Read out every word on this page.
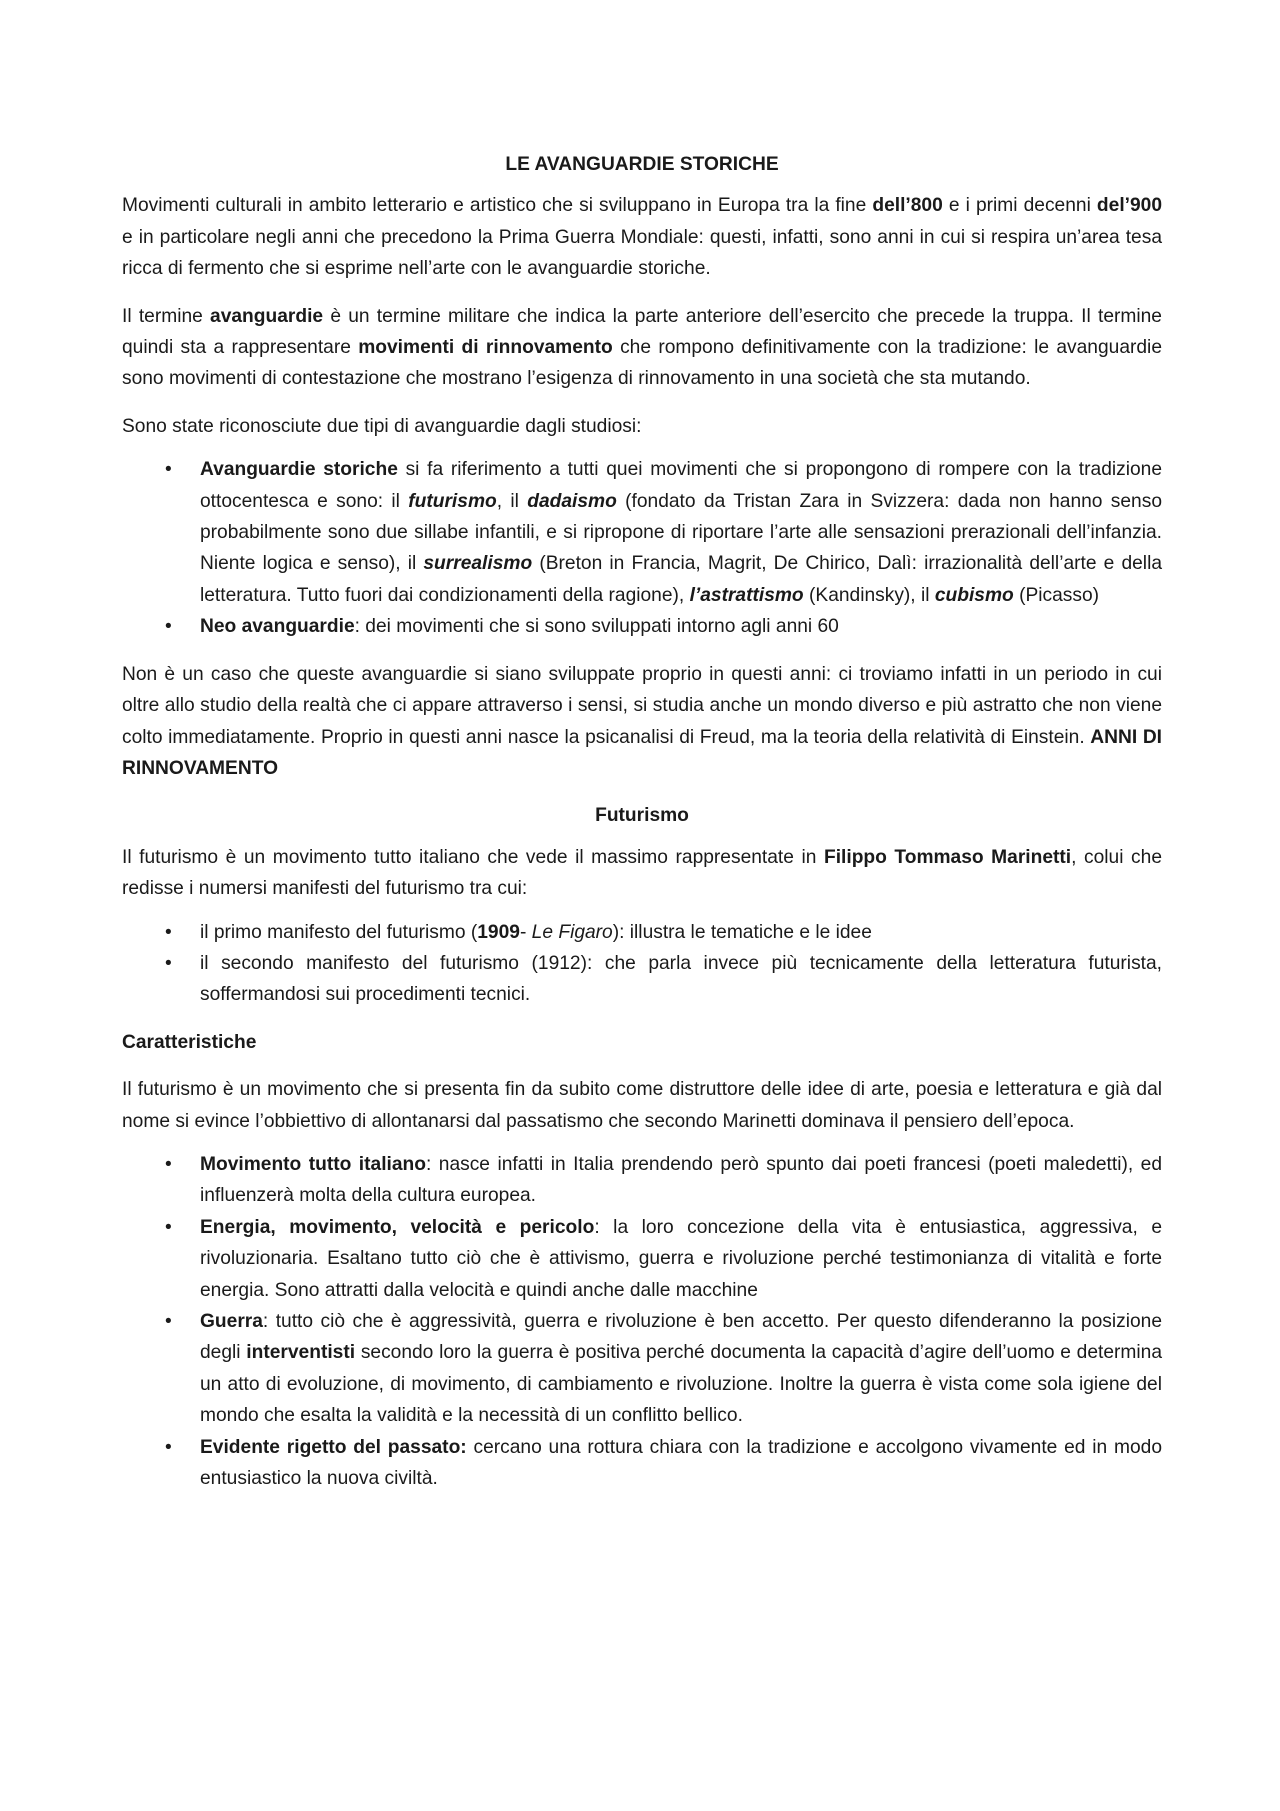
LE AVANGUARDIE STORICHE

Movimenti culturali in ambito letterario e artistico che si sviluppano in Europa tra la fine dell’800 e i primi decenni del’900 e in particolare negli anni che precedono la Prima Guerra Mondiale: questi, infatti, sono anni in cui si respira un’area tesa ricca di fermento che si esprime nell’arte con le avanguardie storiche.

Il termine avanguardie è un termine militare che indica la parte anteriore dell’esercito che precede la truppa. Il termine quindi sta a rappresentare movimenti di rinnovamento che rompono definitivamente con la tradizione: le avanguardie sono movimenti di contestazione che mostrano l’esigenza di rinnovamento in una società che sta mutando.

Sono state riconosciute due tipi di avanguardie dagli studiosi:

• Avanguardie storiche si fa riferimento a tutti quei movimenti che si propongono di rompere con la tradizione ottocentesca e sono: il futurismo, il dadaismo (fondato da Tristan Zara in Svizzera: dada non hanno senso probabilmente sono due sillabe infantili, e si ripropone di riportare l’arte alle sensazioni prerazionali dell’infanzia. Niente logica e senso), il surrealismo (Breton in Francia, Magrit, De Chirico, Dalì: irrazionalità dell’arte e della letteratura. Tutto fuori dai condizionamenti della ragione), l’astrattismo (Kandinsky), il cubismo (Picasso)
• Neo avanguardie: dei movimenti che si sono sviluppati intorno agli anni 60

Non è un caso che queste avanguardie si siano sviluppate proprio in questi anni: ci troviamo infatti in un periodo in cui oltre allo studio della realtà che ci appare attraverso i sensi, si studia anche un mondo diverso e più astratto che non viene colto immediatamente. Proprio in questi anni nasce la psicanalisi di Freud, ma la teoria della relatività di Einstein. ANNI DI RINNOVAMENTO

Futurismo

Il futurismo è un movimento tutto italiano che vede il massimo rappresentate in Filippo Tommaso Marinetti, colui che redisse i numersi manifesti del futurismo tra cui:

• il primo manifesto del futurismo (1909- Le Figaro): illustra le tematiche e le idee
• il secondo manifesto del futurismo (1912): che parla invece più tecnicamente della letteratura futurista, soffermandosi sui procedimenti tecnici.
Caratteristiche

Il futurismo è un movimento che si presenta fin da subito come distruttore delle idee di arte, poesia e letteratura e già dal nome si evince l’obbiettivo di allontanarsi dal passatismo che secondo Marinetti dominava il pensiero dell’epoca.

• Movimento tutto italiano: nasce infatti in Italia prendendo però spunto dai poeti francesi (poeti maledetti), ed influenzerà molta della cultura europea.
• Energia, movimento, velocità e pericolo: la loro concezione della vita è entusiastica, aggressiva, e rivoluzionaria. Esaltano tutto ciò che è attivismo, guerra e rivoluzione perché testimonianza di vitalità e forte energia. Sono attratti dalla velocità e quindi anche dalle macchine
• Guerra: tutto ciò che è aggressività, guerra e rivoluzione è ben accetto. Per questo difenderanno la posizione degli interventisti secondo loro la guerra è positiva perché documenta la capacità d’agire dell’uomo e determina un atto di evoluzione, di movimento, di cambiamento e rivoluzione. Inoltre la guerra è vista come sola igiene del mondo che esalta la validità e la necessità di un conflitto bellico.
• Evidente rigetto del passato: cercano una rottura chiara con la tradizione e accolgono vivamente ed in modo entusiastico la nuova civiltà.
